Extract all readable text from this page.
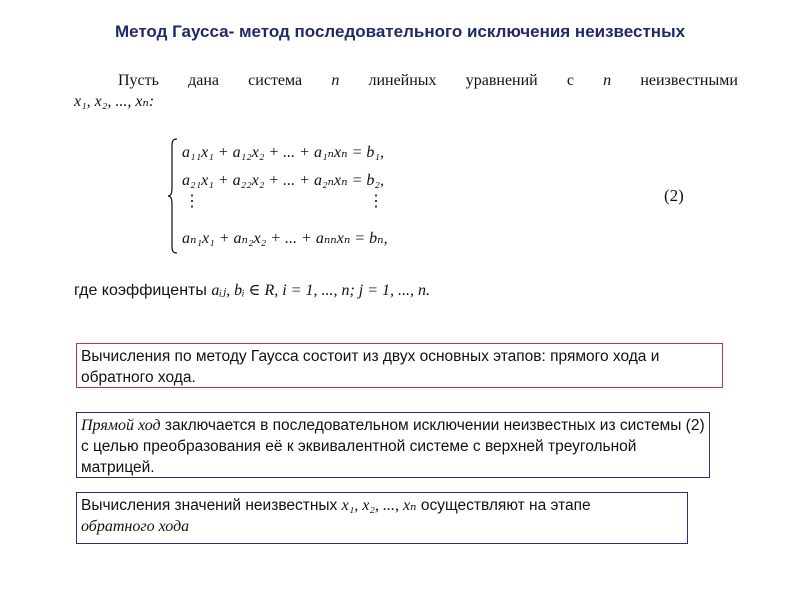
Метод Гаусса- метод последовательного исключения неизвестных
Пусть дана система n линейных уравнений с n неизвестными
x₁, x₂, ..., xₙ:
a₁₁x₁ + a₁₂x₂ + ... + a₁ₙxₙ = b₁,
a₂₁x₁ + a₂₂x₂ + ... + a₂ₙxₙ = b₂,
⋮	⋮
aₙ₁x₁ + aₙ₂x₂ + ... + aₙₙxₙ = bₙ,
(2)
где коэффиценты aᵢⱼ, bᵢ ∈ R, i = 1, ..., n; j = 1, ..., n.
Вычисления по методу Гаусса состоит из двух основных этапов: прямого хода и обратного хода.
Прямой ход заключается в последовательном исключении неизвестных из системы (2) с целью преобразования её к эквивалентной системе с верхней треугольной матрицей.
Вычисления значений неизвестных x₁, x₂, ..., xₙ осуществляют на этапе
обратного хода
